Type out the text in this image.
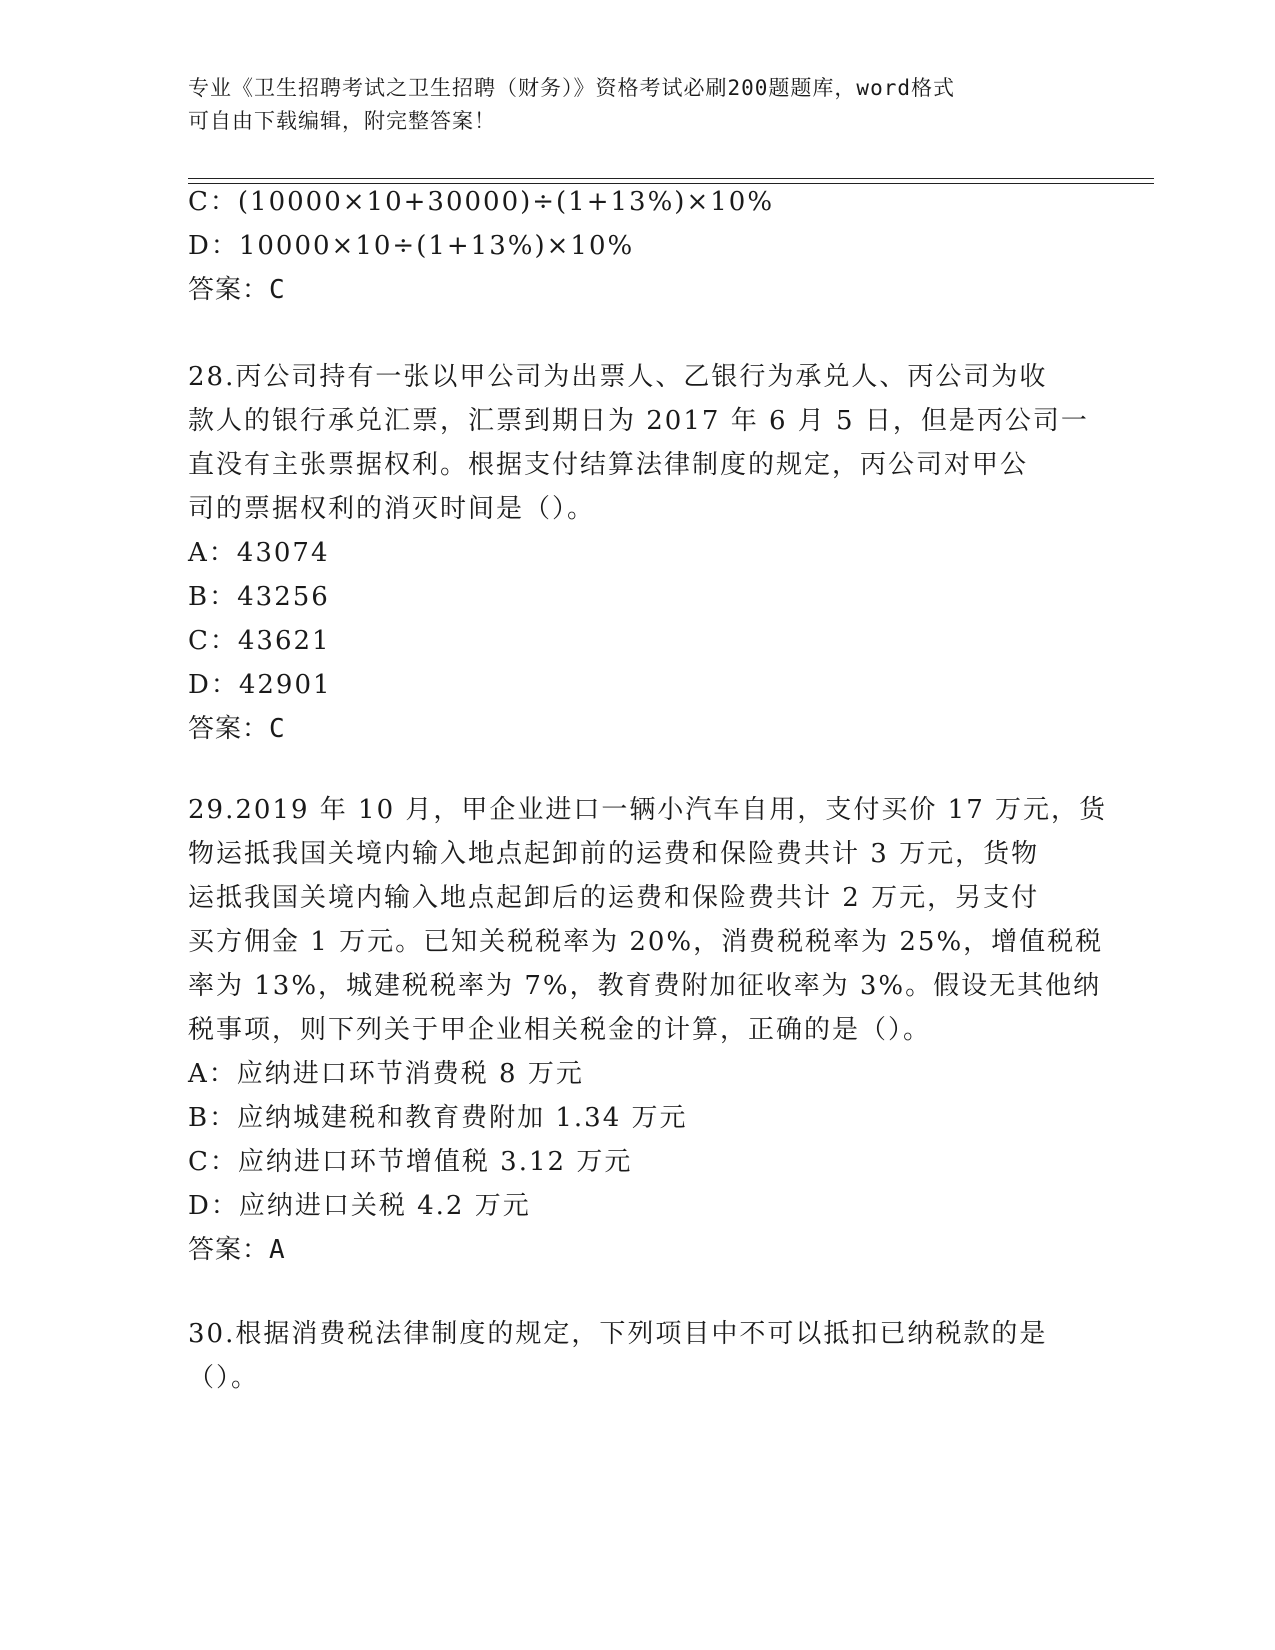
专业《卫生招聘考试之卫生招聘（财务）》资格考试必刷200题题库，word格式
可自由下载编辑，附完整答案！
C：(10000×10+30000)÷(1+13%)×10%
D：10000×10÷(1+13%)×10%
答案：C
28.丙公司持有一张以甲公司为出票人、乙银行为承兑人、丙公司为收
款人的银行承兑汇票，汇票到期日为 2017 年 6 月 5 日，但是丙公司一
直没有主张票据权利。根据支付结算法律制度的规定，丙公司对甲公
司的票据权利的消灭时间是（）。
A：43074
B：43256
C：43621
D：42901
答案：C
29.2019 年 10 月，甲企业进口一辆小汽车自用，支付买价 17 万元，货
物运抵我国关境内输入地点起卸前的运费和保险费共计 3 万元，货物
运抵我国关境内输入地点起卸后的运费和保险费共计 2 万元，另支付
买方佣金 1 万元。已知关税税率为 20%，消费税税率为 25%，增值税税
率为 13%，城建税税率为 7%，教育费附加征收率为 3%。假设无其他纳
税事项，则下列关于甲企业相关税金的计算，正确的是（）。
A：应纳进口环节消费税 8 万元
B：应纳城建税和教育费附加 1.34 万元
C：应纳进口环节增值税 3.12 万元
D：应纳进口关税 4.2 万元
答案：A
30.根据消费税法律制度的规定，下列项目中不可以抵扣已纳税款的是
（）。
